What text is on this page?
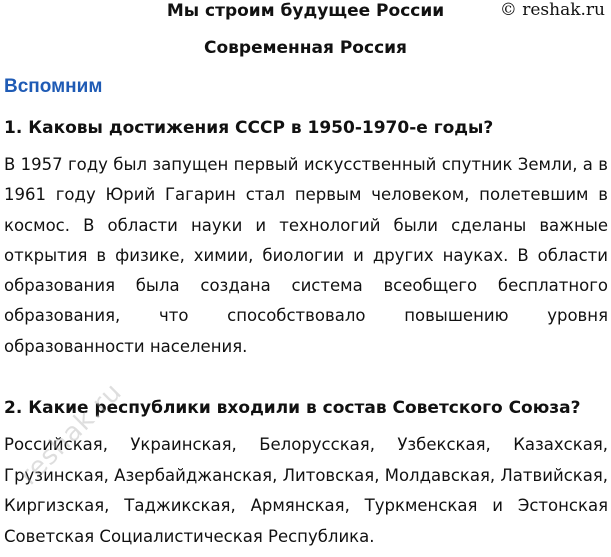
Мы строим будущее России	© reshak.ru
Современная Россия
Вспомним
1. Каковы достижения СССР в 1950-1970-е годы?
В 1957 году был запущен первый искусственный спутник Земли, а в 1961 году Юрий Гагарин стал первым человеком, полетевшим в космос. В области науки и технологий были сделаны важные открытия в физике, химии, биологии и других науках. В области образования была создана система всеобщего бесплатного образования, что способствовало повышению уровня образованности населения.
2. Какие республики входили в состав Советского Союза?
Российская, Украинская, Белорусская, Узбекская, Казахская, Грузинская, Азербайджанская, Литовская, Молдавская, Латвийская, Киргизская, Таджикская, Армянская, Туркменская и Эстонская Советская Социалистическая Республика.
reshak.ru
